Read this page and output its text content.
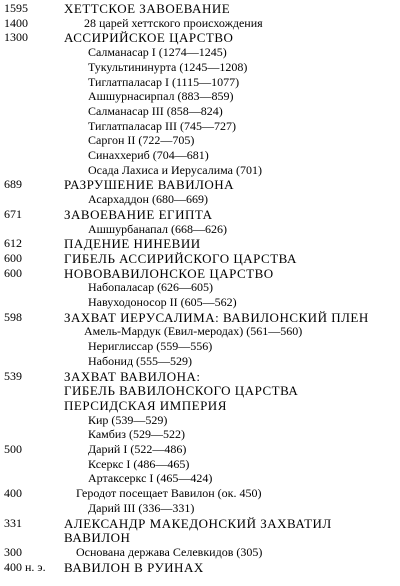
1595	ХЕТТСКОЕ ЗАВОЕВАНИЕ
1400	28 царей хеттского происхождения
1300	АССИРИЙСКОЕ ЦАРСТВО
Салманасар I (1274—1245)
Тукультининурта (1245—1208)
Тиглатпаласар I (1115—1077)
Ашшурнасирпал (883—859)
Салманасар III (858—824)
Тиглатпаласар III (745—727)
Саргон II (722—705)
Синаххериб (704—681)
Осада Лахиса и Иерусалима (701)
689	РАЗРУШЕНИЕ ВАВИЛОНА
Асархаддон (680—669)
671	ЗАВОЕВАНИЕ ЕГИПТА
Ашшурбанапал (668—626)
612	ПАДЕНИЕ НИНЕВИИ
600	ГИБЕЛЬ АССИРИЙСКОГО ЦАРСТВА
600	НОВОВАВИЛОНСКОЕ ЦАРСТВО
Набопаласар (626—605)
Навуходоносор II (605—562)
598	ЗАХВАТ ИЕРУСАЛИМА: ВАВИЛОНСКИЙ ПЛЕН
Амель-Мардук (Евил-меродах) (561—560)
Нериглиссар (559—556)
Набонид (555—529)
539	ЗАХВАТ ВАВИЛОНА:
ГИБЕЛЬ ВАВИЛОНСКОГО ЦАРСТВА
ПЕРСИДСКАЯ ИМПЕРИЯ
Кир (539—529)
Камбиз (529—522)
500	Дарий I (522—486)
Ксеркс I (486—465)
Артаксеркс I (465—424)
400	Геродот посещает Вавилон (ок. 450)
Дарий III (336—331)
331	АЛЕКСАНДР МАКЕДОНСКИЙ ЗАХВАТИЛ
ВАВИЛОН
300	Основана держава Селевкидов (305)
400 н. э. ВАВИЛОН В РУИНАХ
